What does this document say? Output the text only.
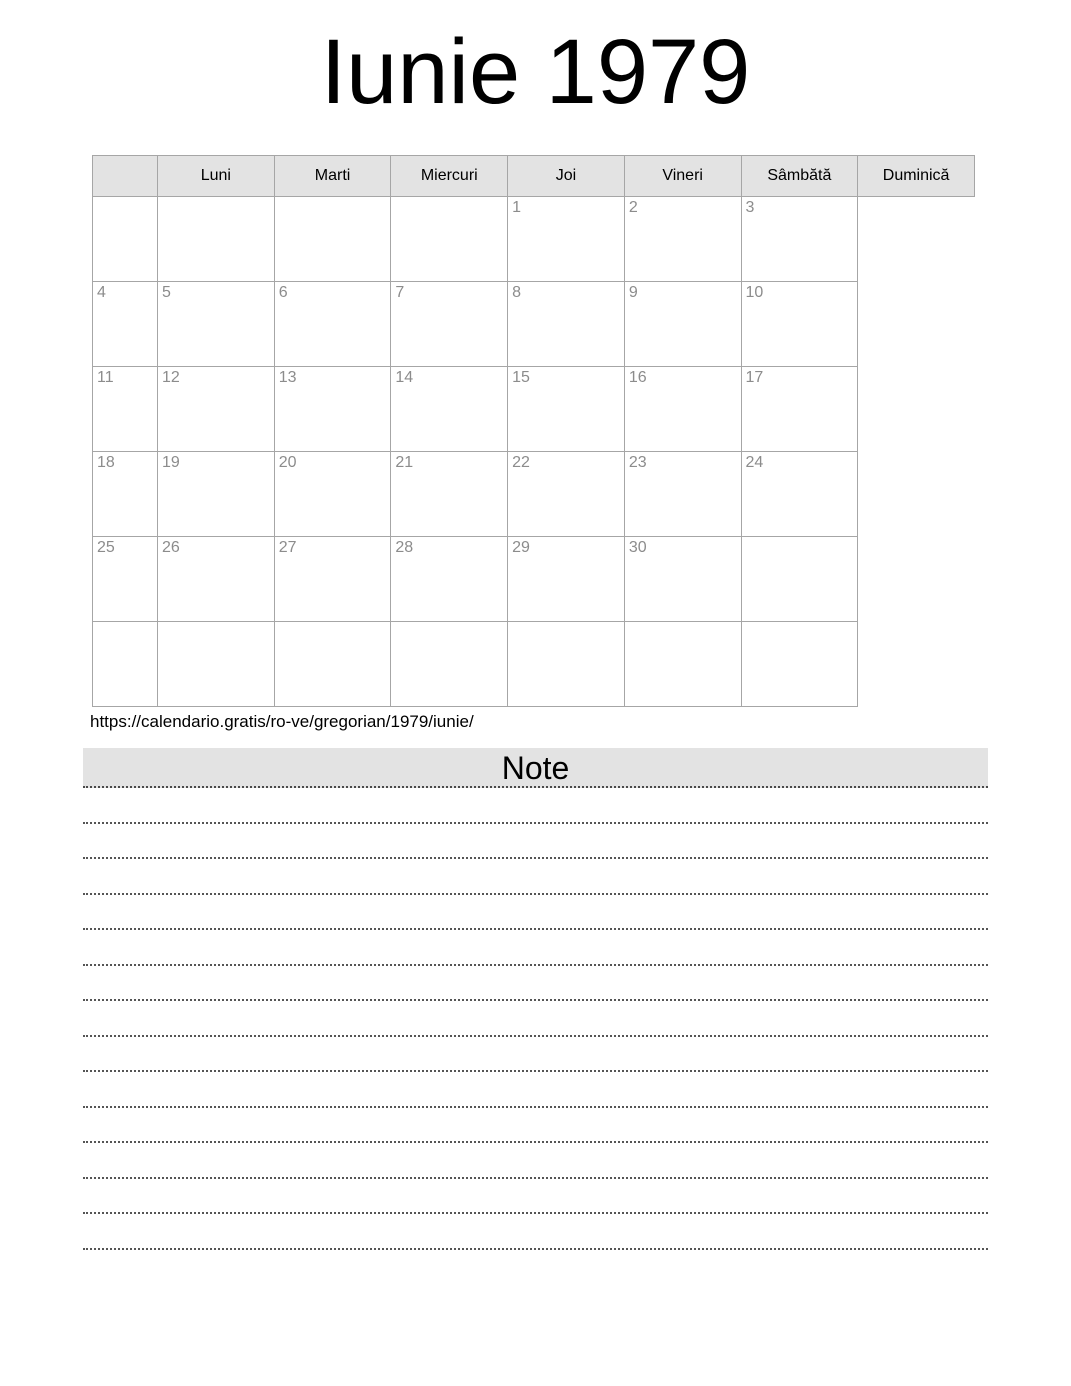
Iunie 1979
	Luni	Marti	Miercuri	Joi	Vineri	Sâmbătă	Duminică
				1	2	3	
4	5	6	7	8	9	10	
11	12	13	14	15	16	17	
18	19	20	21	22	23	24	
25	26	27	28	29	30		

https://calendario.gratis/ro-ve/gregorian/1979/iunie/
Note
